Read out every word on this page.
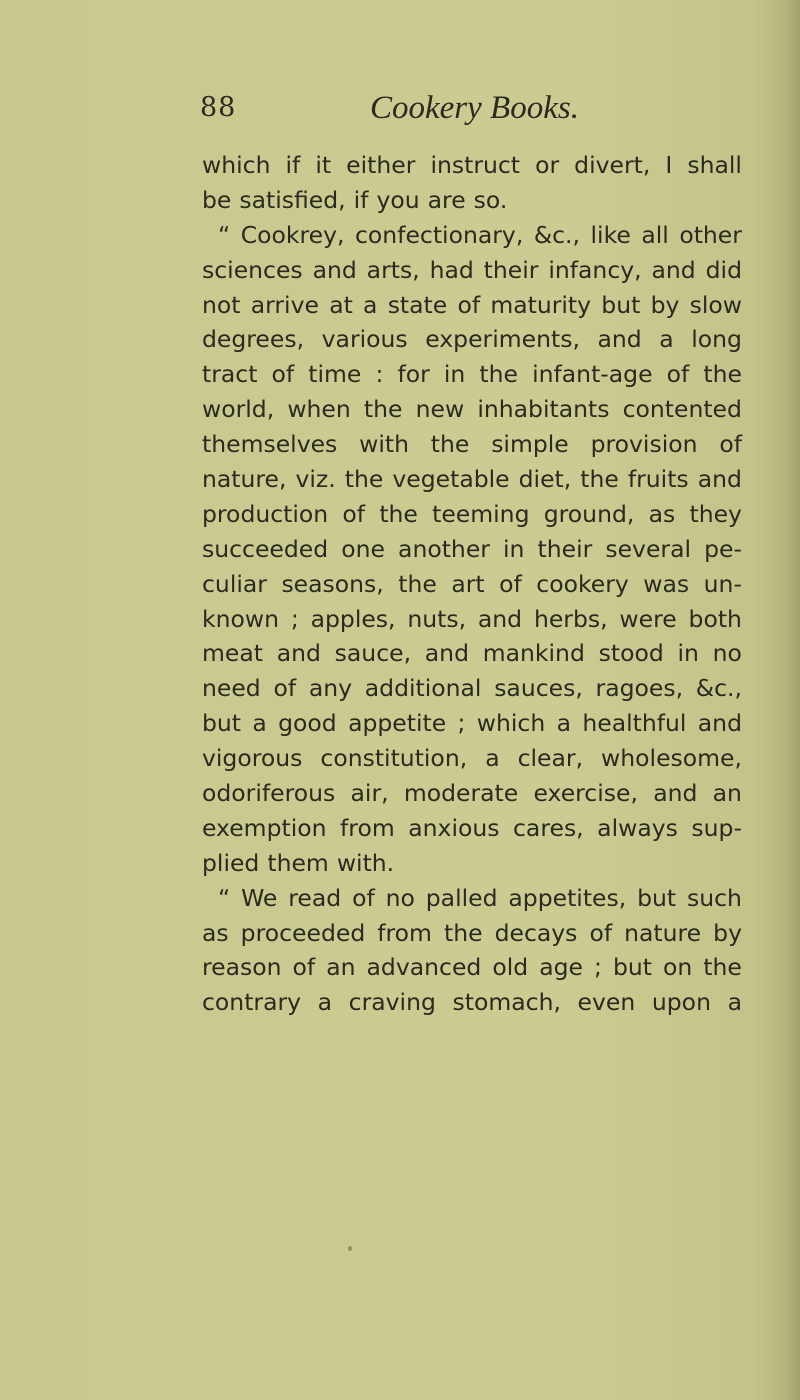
88	Cookery Books.
which if it either instruct or divert, I shall
be satisfied, if you are so.
“ Cookrey, confectionary, &c., like all other
sciences and arts, had their infancy, and did
not arrive at a state of maturity but by slow
degrees, various experiments, and a long
tract of time : for in the infant-age of the
world, when the new inhabitants contented
themselves with the simple provision of
nature, viz. the vegetable diet, the fruits and
production of the teeming ground, as they
succeeded one another in their several pe-
culiar seasons, the art of cookery was un-
known ; apples, nuts, and herbs, were both
meat and sauce, and mankind stood in no
need of any additional sauces, ragoes, &c.,
but a good appetite ; which a healthful and
vigorous constitution, a clear, wholesome,
odoriferous air, moderate exercise, and an
exemption from anxious cares, always sup-
plied them with.
“ We read of no palled appetites, but such
as proceeded from the decays of nature by
reason of an advanced old age ; but on the
contrary a craving stomach, even upon a
